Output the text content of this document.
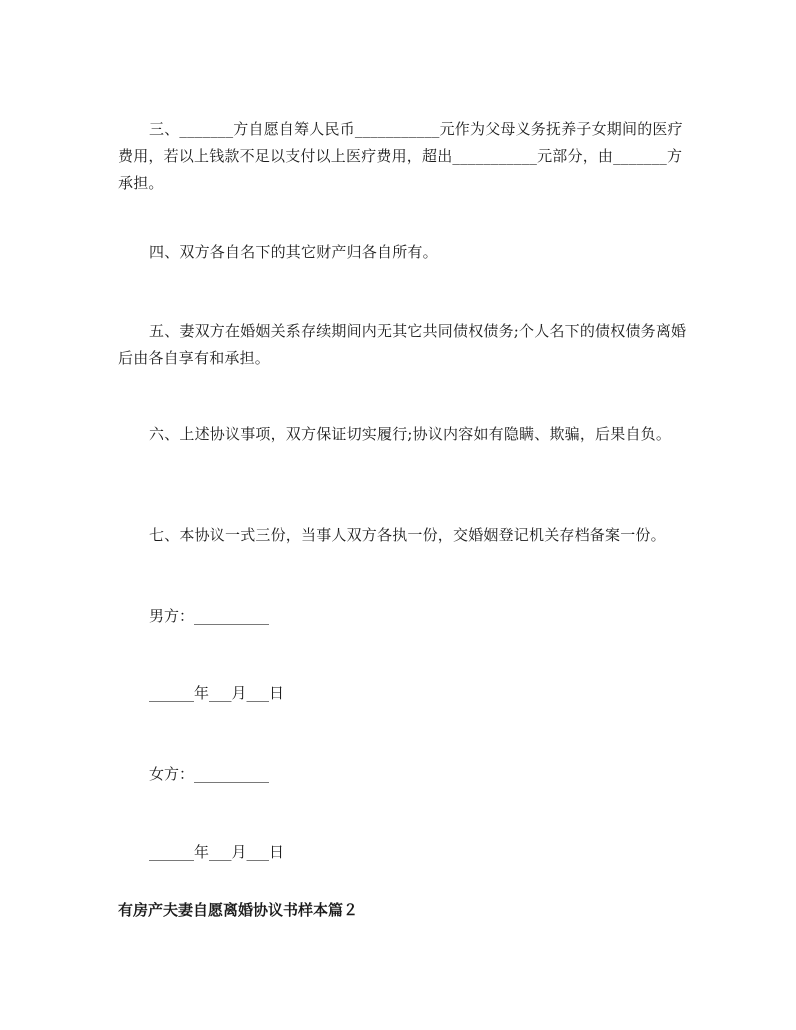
三、_______方自愿自筹人民币___________元作为父母义务抚养子女期间的医疗费用，若以上钱款不足以支付以上医疗费用，超出___________元部分，由_______方承担。

四、双方各自名下的其它财产归各自所有。

五、妻双方在婚姻关系存续期间内无其它共同债权债务;个人名下的债权债务离婚后由各自享有和承担。

六、上述协议事项，双方保证切实履行;协议内容如有隐瞒、欺骗，后果自负。

七、本协议一式三份，当事人双方各执一份，交婚姻登记机关存档备案一份。

男方：__________
______年___月___日
女方：__________
______年___月___日
有房产夫妻自愿离婚协议书样本篇２
